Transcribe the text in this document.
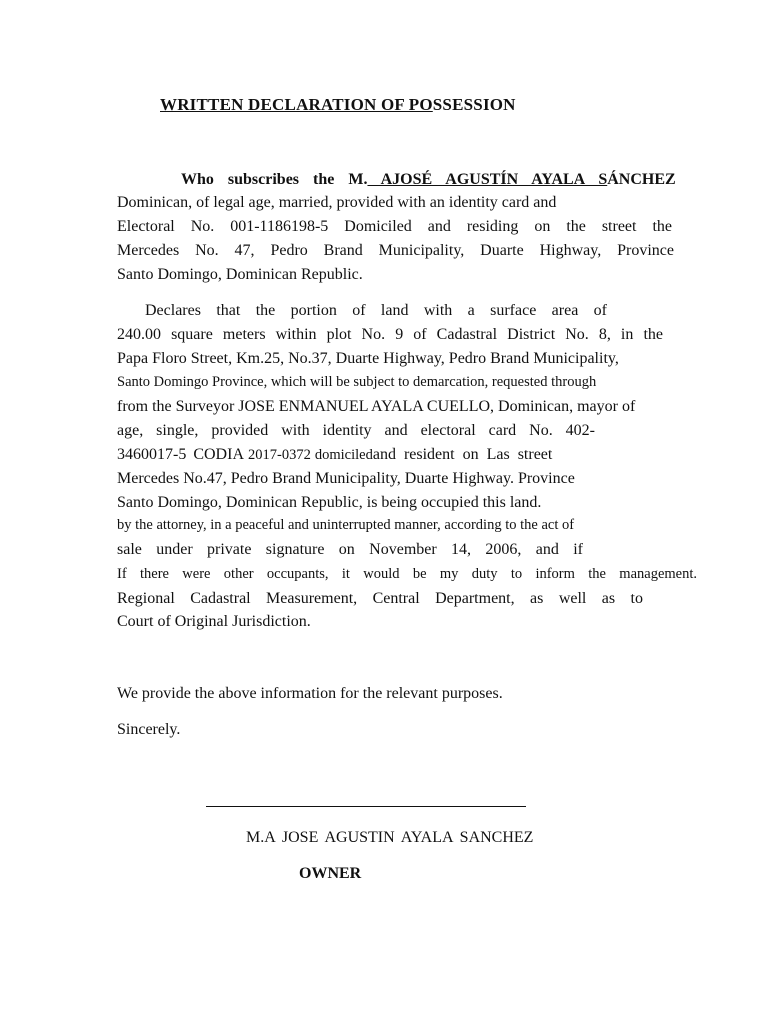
WRITTEN DECLARATION OF POSSESSION
Who subscribes the M. AJOSÉ AGUSTÍN AYALA SÁNCHEZ
Dominican, of legal age, married, provided with an identity card and
Electoral No. 001-1186198-5 Domiciled and residing on the street the
Mercedes No. 47, Pedro Brand Municipality, Duarte Highway, Province
Santo Domingo, Dominican Republic.
Declares that the portion of land with a surface area of
240.00 square meters within plot No. 9 of Cadastral District No. 8, in the
Papa Floro Street, Km.25, No.37, Duarte Highway, Pedro Brand Municipality,
Santo Domingo Province, which will be subject to demarcation, requested through
from the Surveyor JOSE ENMANUEL AYALA CUELLO, Dominican, mayor of
age, single, provided with identity and electoral card No. 402-
3460017-5 CODIA 2017-0372 domiciledand resident on Las street
Mercedes No.47, Pedro Brand Municipality, Duarte Highway. Province
Santo Domingo, Dominican Republic, is being occupied this land.
by the attorney, in a peaceful and uninterrupted manner, according to the act of
sale under private signature on November 14, 2006, and if
If there were other occupants, it would be my duty to inform the management.
Regional Cadastral Measurement, Central Department, as well as to
Court of Original Jurisdiction.
We provide the above information for the relevant purposes.
Sincerely.
M.A JOSE AGUSTIN AYALA SANCHEZ
OWNER
